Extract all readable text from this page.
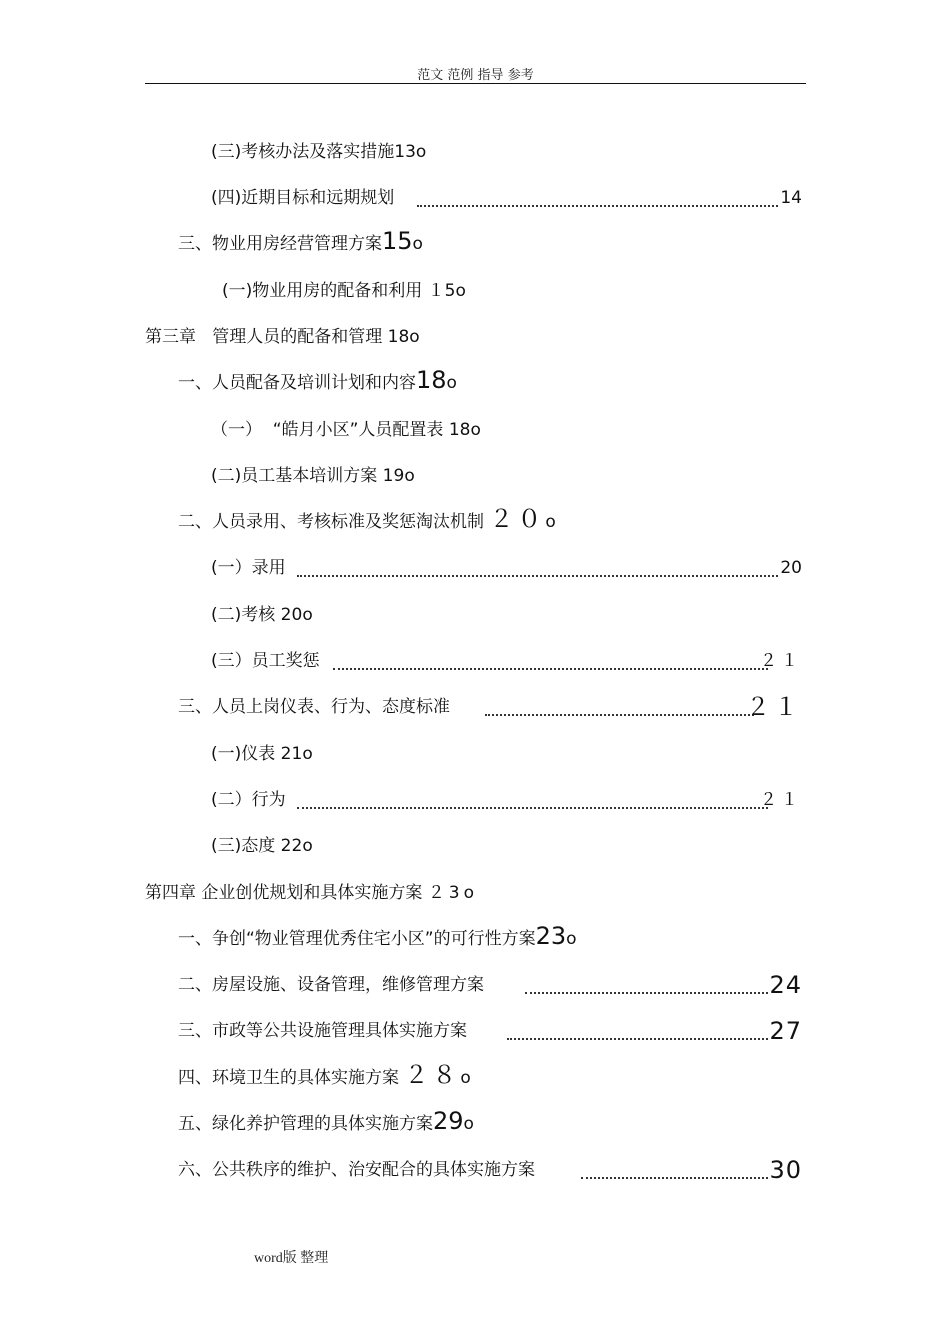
范文 范例 指导 参考
(三)考核办法及落实措施13o
(四)近期目标和远期规划	14
三、物业用房经营管理方案15o
(一)物业用房的配备和利用 １5o
第三章   管理人员的配备和管理 18o
一、人员配备及培训计划和内容18o
（一）  “皓月小区”人员配置表 18o
(二)员工基本培训方案 19o
二、人员录用、考核标准及奖惩淘汰机制 ２０o
(一）录用	20
(二)考核 20o
(三）员工奖惩	２１
三、人员上岗仪表、行为、态度标准	２１
(一)仪表 21o
(二）行为	２１
(三)态度 22o
第四章 企业创优规划和具体实施方案 ２3o
一、争创“物业管理优秀住宅小区”的可行性方案23o
二、房屋设施、设备管理，维修管理方案	24
三、市政等公共设施管理具体实施方案	27
四、环境卫生的具体实施方案 ２８o
五、绿化养护管理的具体实施方案29o
六、公共秩序的维护、治安配合的具体实施方案	30
word版 整理
